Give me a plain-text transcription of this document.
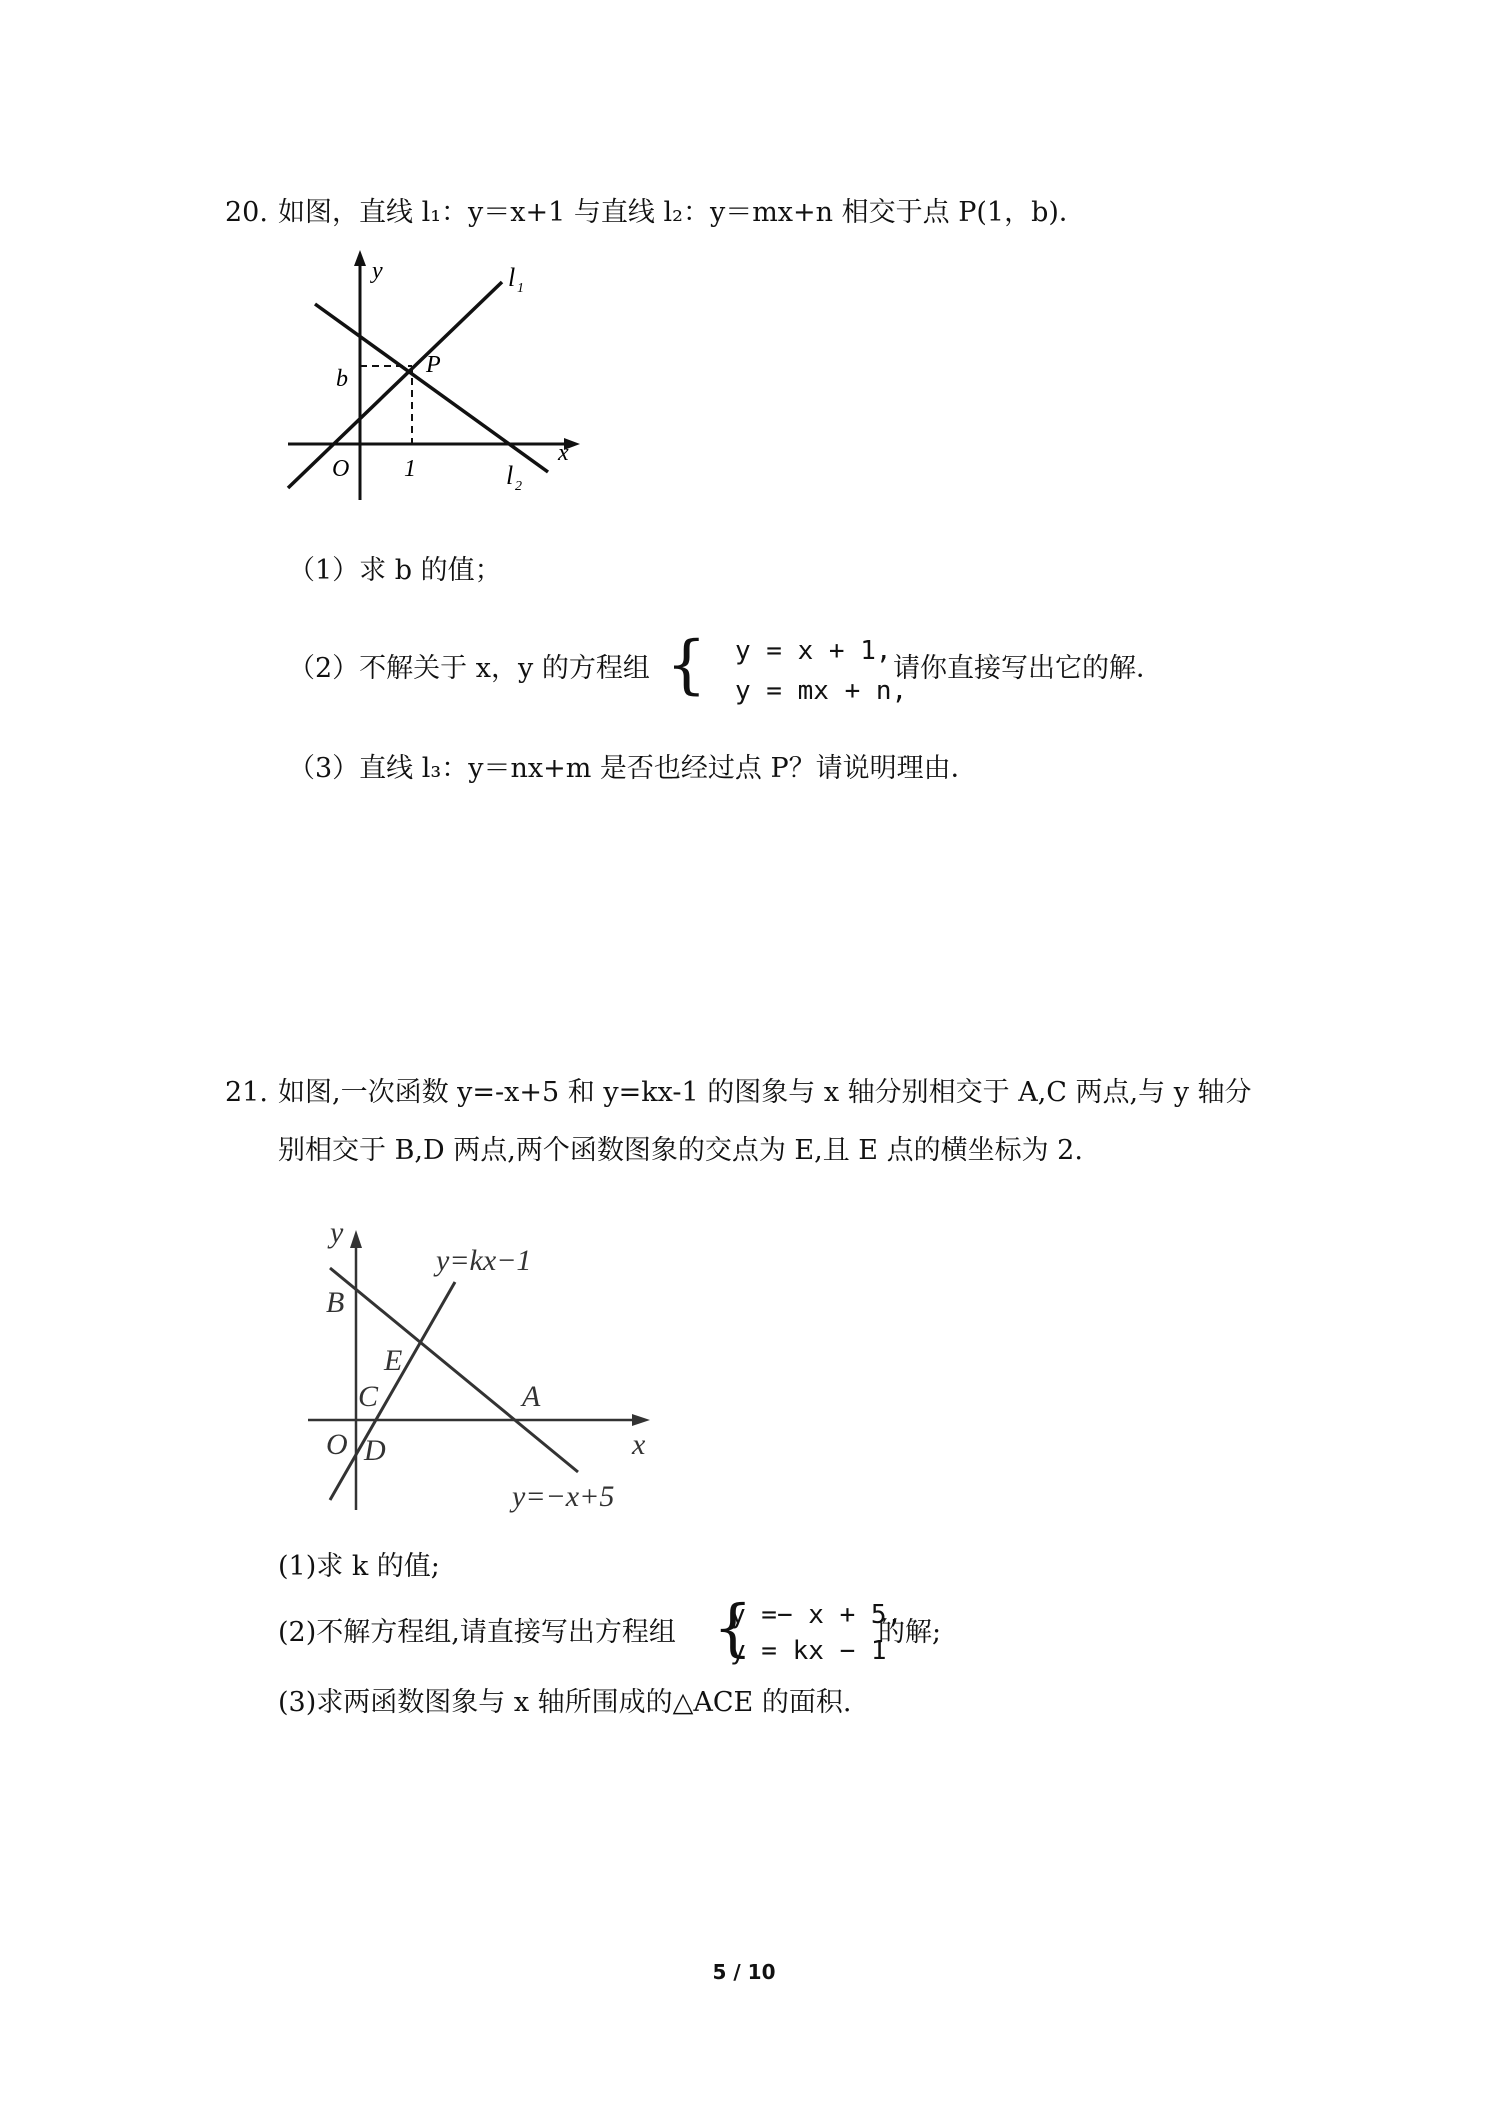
20. 如图，直线 l₁：y＝x+1 与直线 l₂：y＝mx+n 相交于点 P(1，b)．
y
b
P
O 1
x
l 1
l 2
（1）求 b 的值；
（2）不解关于 x，y 的方程组 { y = x + 1,
y = mx + n,
请你直接写出它的解．
（3）直线 l₃：y＝nx+m 是否也经过点 P？请说明理由．
21. 如图,一次函数 y=-x+5 和 y=kx-1 的图象与 x 轴分别相交于 A,C 两点,与 y 轴分
别相交于 B,D 两点,两个函数图象的交点为 E,且 E 点的横坐标为 2.
y
y=kx−1
B
E
C	A
O D	x
y=−x+5
(1)求 k 的值;
(2)不解方程组,请直接写出方程组 {
y =− x + 5,
y = kx − 1
的解;
(3)求两函数图象与 x 轴所围成的△ACE 的面积.
5 / 10
